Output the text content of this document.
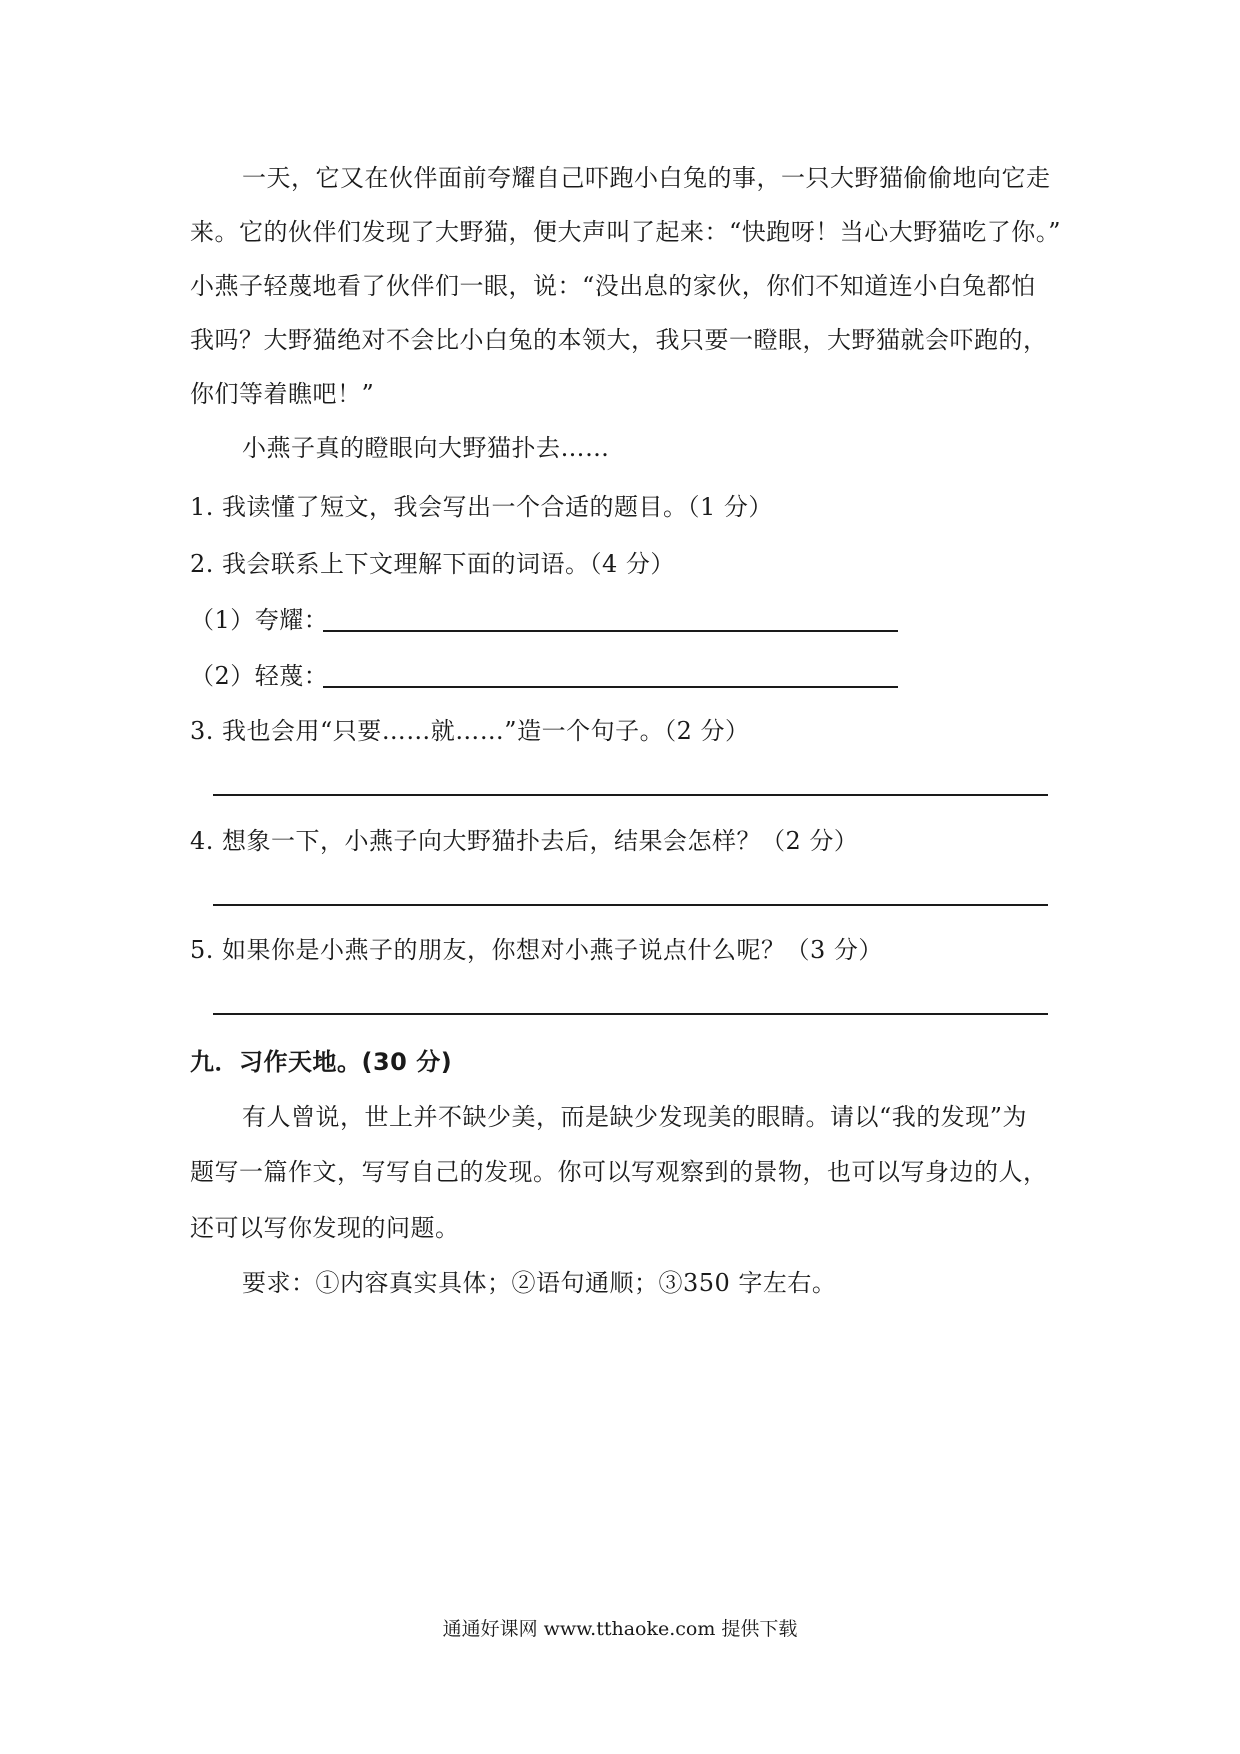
一天，它又在伙伴面前夸耀自己吓跑小白兔的事，一只大野猫偷偷地向它走
来。它的伙伴们发现了大野猫，便大声叫了起来：“快跑呀！当心大野猫吃了你。”
小燕子轻蔑地看了伙伴们一眼，说：“没出息的家伙，你们不知道连小白兔都怕
我吗？大野猫绝对不会比小白兔的本领大，我只要一瞪眼，大野猫就会吓跑的，
你们等着瞧吧！”
小燕子真的瞪眼向大野猫扑去……
1. 我读懂了短文，我会写出一个合适的题目。（1 分）
2. 我会联系上下文理解下面的词语。（4 分）
（1）夸耀：
（2）轻蔑：
3. 我也会用“只要……就……”造一个句子。（2 分）
4. 想象一下，小燕子向大野猫扑去后，结果会怎样？（2 分）
5. 如果你是小燕子的朋友，你想对小燕子说点什么呢？（3 分）
九．习作天地。(30 分)
有人曾说，世上并不缺少美，而是缺少发现美的眼睛。请以“我的发现”为
题写一篇作文，写写自己的发现。你可以写观察到的景物，也可以写身边的人，
还可以写你发现的问题。
要求：①内容真实具体；②语句通顺；③350 字左右。
通通好课网 www.tthaoke.com 提供下载
